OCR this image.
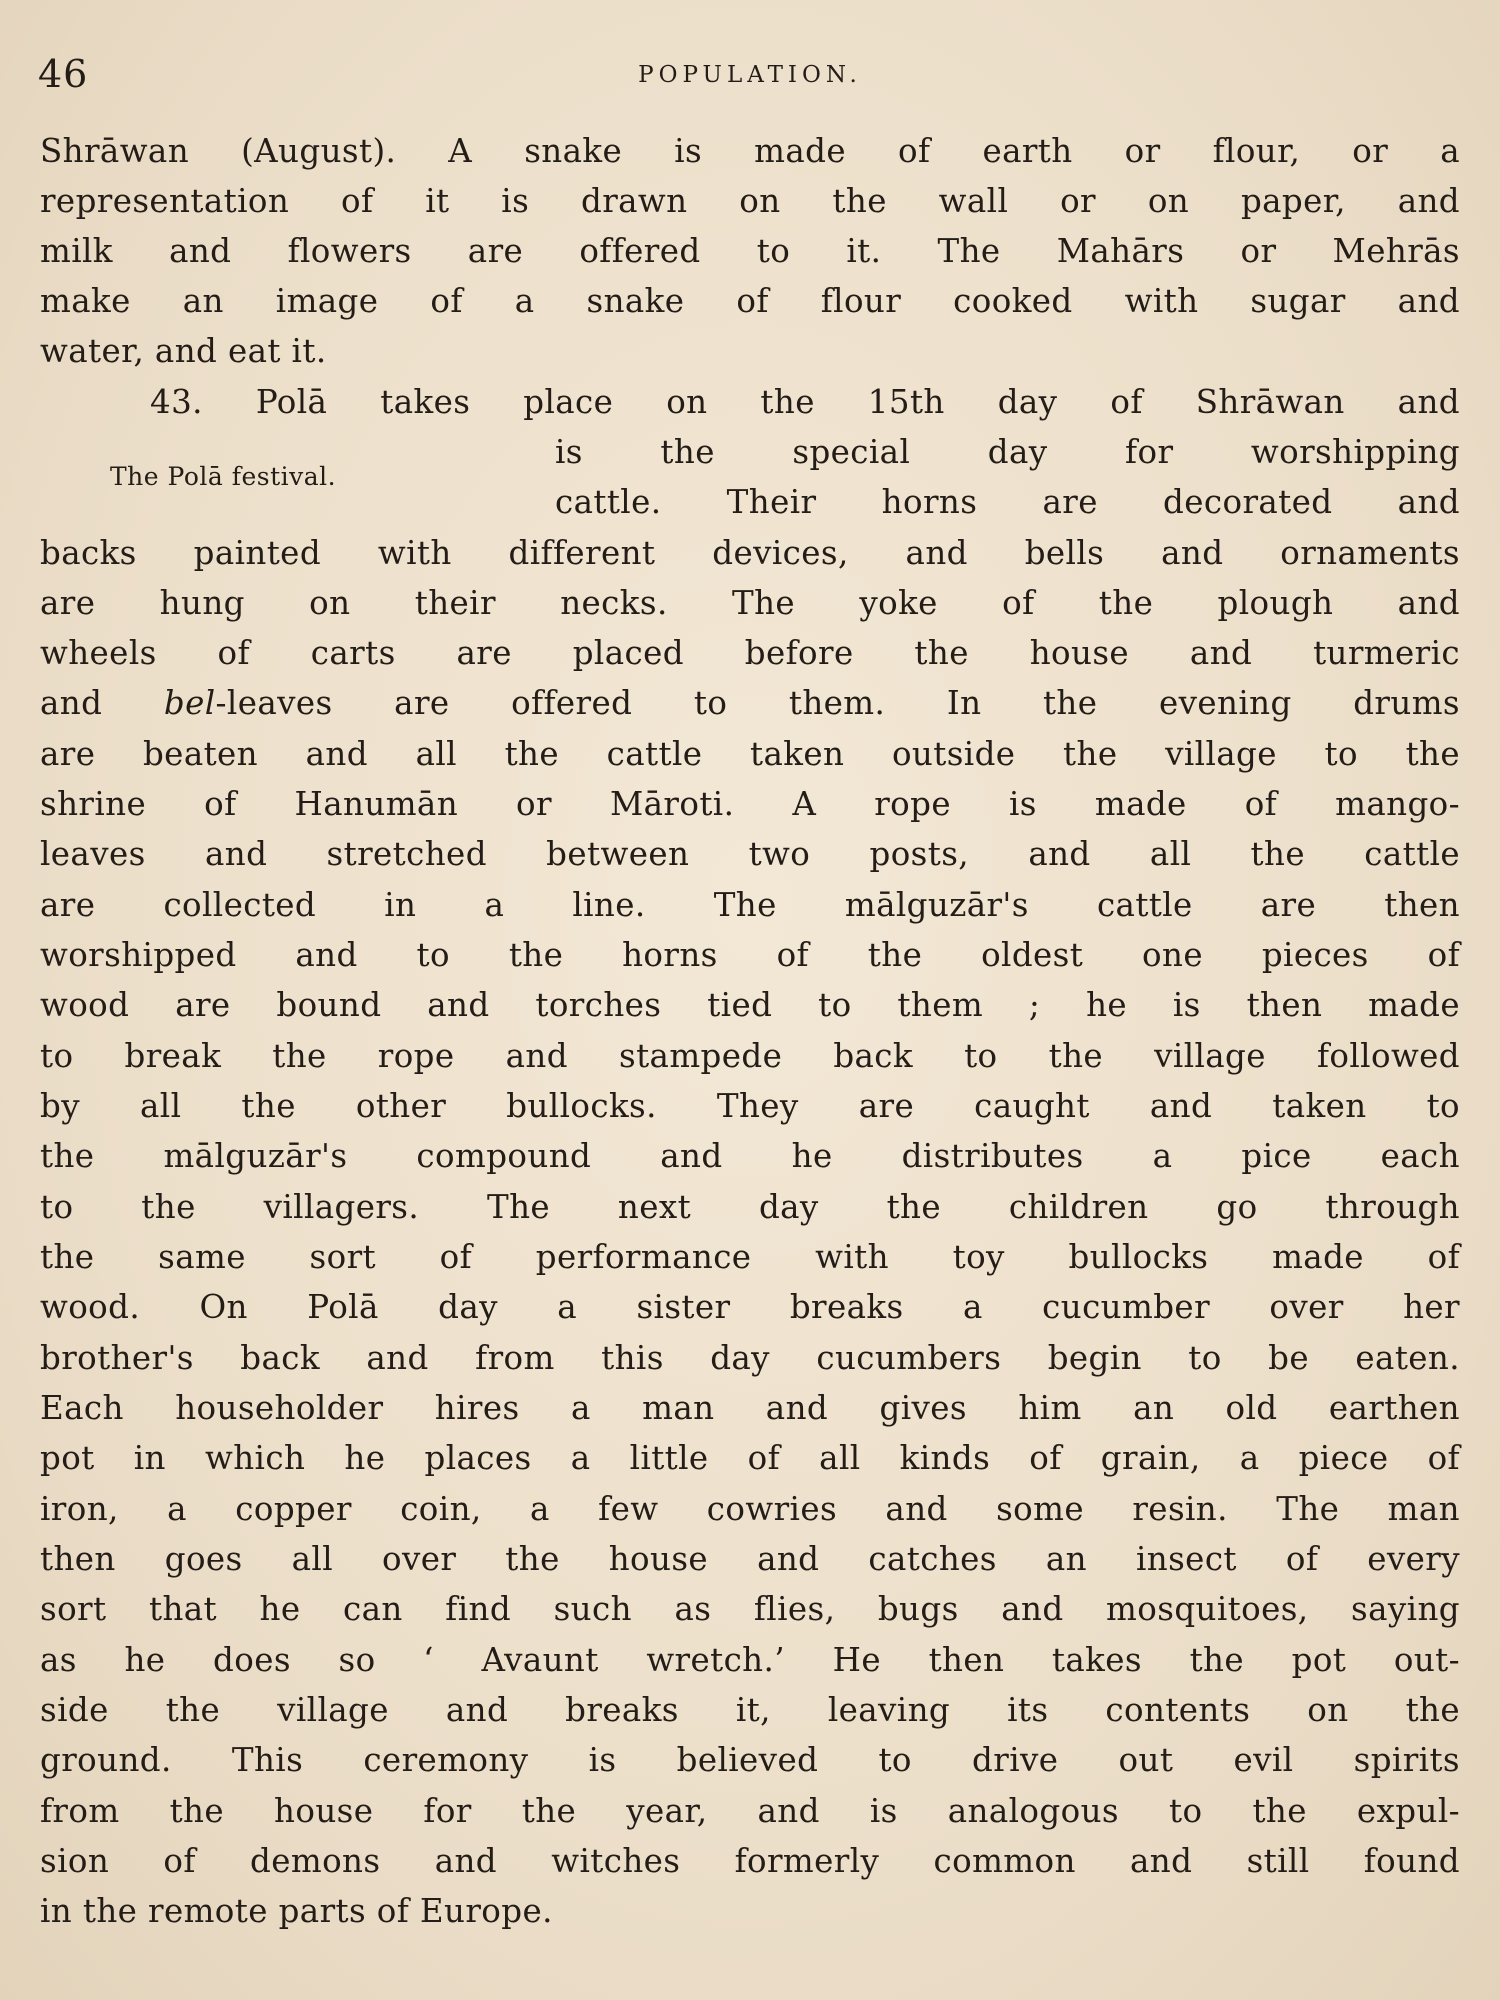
46	POPULATION.
The Polā festival.
Shrāwan (August). A snake is made of earth or flour, or a
representation of it is drawn on the wall or on paper, and
milk and flowers are offered to it. The Mahārs or Mehrās
make an image of a snake of flour cooked with sugar and
water, and eat it.
43. Polā takes place on the 15th day of Shrāwan and
is the special day for worshipping
cattle. Their horns are decorated and
backs painted with different devices, and bells and ornaments
are hung on their necks. The yoke of the plough and
wheels of carts are placed before the house and turmeric
and bel-leaves are offered to them. In the evening drums
are beaten and all the cattle taken outside the village to the
shrine of Hanumān or Māroti. A rope is made of mango-
leaves and stretched between two posts, and all the cattle
are collected in a line. The mālguzār's cattle are then
worshipped and to the horns of the oldest one pieces of
wood are bound and torches tied to them ; he is then made
to break the rope and stampede back to the village followed
by all the other bullocks. They are caught and taken to
the mālguzār's compound and he distributes a pice each
to the villagers. The next day the children go through
the same sort of performance with toy bullocks made of
wood. On Polā day a sister breaks a cucumber over her
brother's back and from this day cucumbers begin to be eaten.
Each householder hires a man and gives him an old earthen
pot in which he places a little of all kinds of grain, a piece of
iron, a copper coin, a few cowries and some resin. The man
then goes all over the house and catches an insect of every
sort that he can find such as flies, bugs and mosquitoes, saying
as he does so ‘ Avaunt wretch.’ He then takes the pot out-
side the village and breaks it, leaving its contents on the
ground. This ceremony is believed to drive out evil spirits
from the house for the year, and is analogous to the expul-
sion of demons and witches formerly common and still found
in the remote parts of Europe.
